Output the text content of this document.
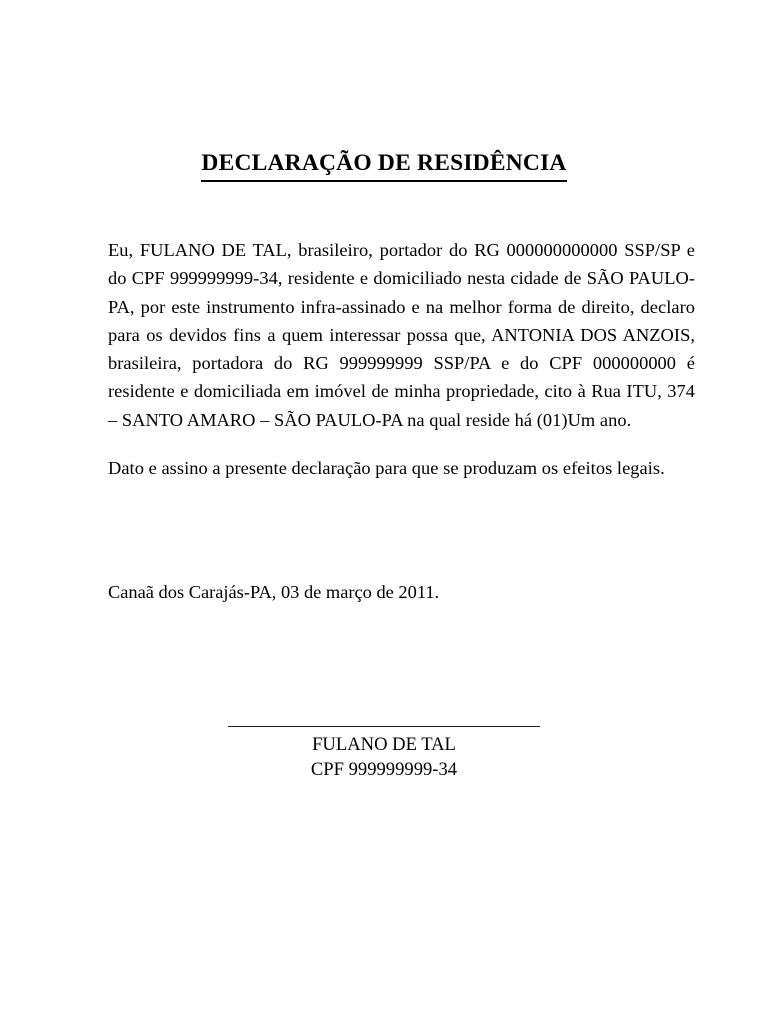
DECLARAÇÃO DE RESIDÊNCIA

Eu, FULANO DE TAL, brasileiro, portador do RG 000000000000 SSP/SP e do CPF 999999999-34, residente e domiciliado nesta cidade de SÃO PAULO-PA, por este instrumento infra-assinado e na melhor forma de direito, declaro para os devidos fins a quem interessar possa que, ANTONIA DOS ANZOIS, brasileira, portadora do RG 999999999 SSP/PA e do CPF 000000000 é residente e domiciliada em imóvel de minha propriedade, cito à Rua ITU, 374 – SANTO AMARO – SÃO PAULO-PA na qual reside há (01)Um ano.

Dato e assino a presente declaração para que se produzam os efeitos legais.

Canaã dos Carajás-PA, 03 de março de 2011.
FULANO DE TAL
CPF 999999999-34
